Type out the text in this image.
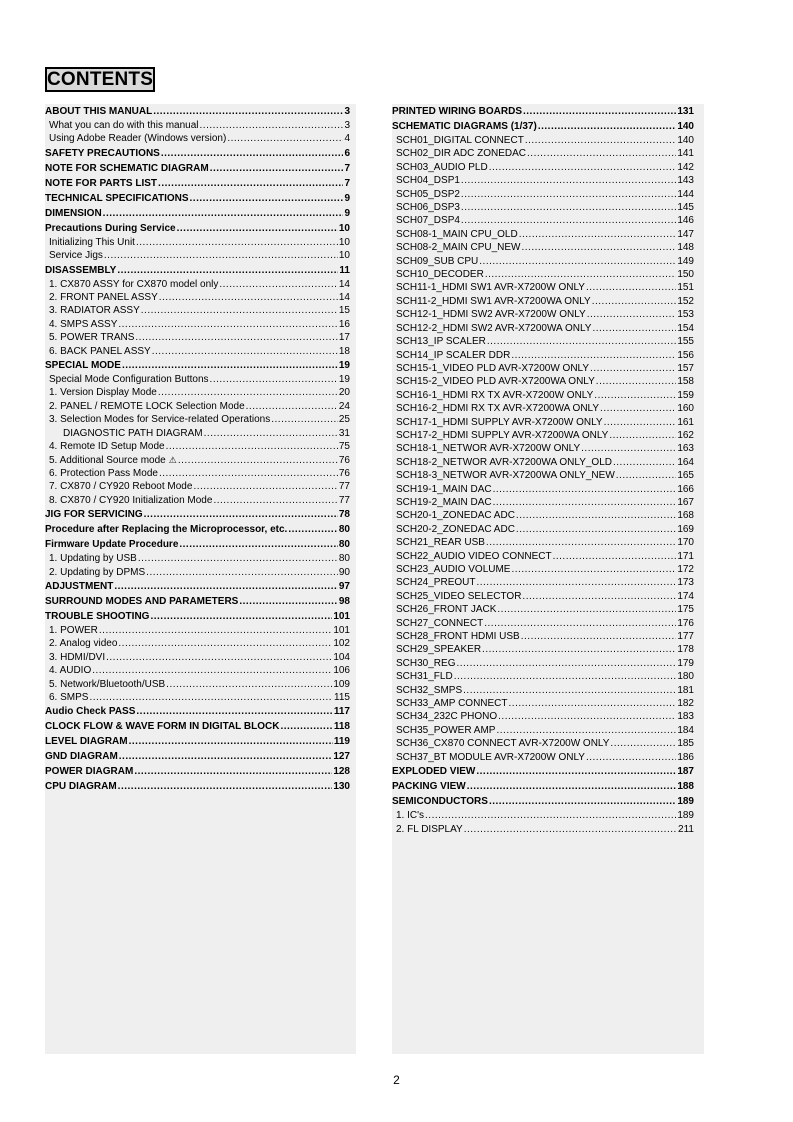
CONTENTS
ABOUT THIS MANUAL .....	3
What you can do with this manual .....	3
Using Adobe Reader (Windows version) .....	4
SAFETY PRECAUTIONS .....	6
NOTE FOR SCHEMATIC DIAGRAM .....	7
NOTE FOR PARTS LIST .....	7
TECHNICAL SPECIFICATIONS .....	9
DIMENSION .....	9
Precautions During Service .....	10
Initializing This Unit .....	10
Service Jigs .....	10
DISASSEMBLY .....	11
1. CX870 ASSY for CX870 model only .....	14
2. FRONT PANEL ASSY .....	14
3. RADIATOR ASSY .....	15
4. SMPS ASSY .....	16
5. POWER TRANS .....	17
6. BACK PANEL ASSY .....	18
SPECIAL MODE .....	19
Special Mode Configuration Buttons .....	19
1. Version Display Mode .....	20
2. PANEL / REMOTE LOCK Selection Mode .....	24
3. Selection Modes for Service-related Operations .....	25
DIAGNOSTIC PATH DIAGRAM .....	31
4. Remote ID Setup Mode .....	75
5. Additional Source mode ⚠ .....	76
6. Protection Pass Mode .....	76
7. CX870 / CY920 Reboot Mode .....	77
8. CX870 / CY920 Initialization Mode .....	77
JIG FOR SERVICING .....	78
Procedure after Replacing the Microprocessor, etc. .....	80
Firmware Update Procedure .....	80
1. Updating by USB .....	80
2. Updating by DPMS .....	90
ADJUSTMENT .....	97
SURROUND MODES AND PARAMETERS .....	98
TROUBLE SHOOTING .....	101
1. POWER .....	101
2. Analog video .....	102
3. HDMI/DVI .....	104
4. AUDIO .....	106
5. Network/Bluetooth/USB .....	109
6. SMPS .....	115
Audio Check PASS .....	117
CLOCK FLOW & WAVE FORM IN DIGITAL BLOCK .....	118
LEVEL DIAGRAM .....	119
GND DIAGRAM .....	127
POWER DIAGRAM .....	128
CPU DIAGRAM .....	130
PRINTED WIRING BOARDS .....	131
SCHEMATIC DIAGRAMS (1/37) .....	140
SCH01_DIGITAL CONNECT .....	140
SCH02_DIR ADC ZONEDAC .....	141
SCH03_AUDIO PLD .....	142
SCH04_DSP1 .....	143
SCH05_DSP2 .....	144
SCH06_DSP3 .....	145
SCH07_DSP4 .....	146
SCH08-1_MAIN CPU_OLD .....	147
SCH08-2_MAIN CPU_NEW .....	148
SCH09_SUB CPU .....	149
SCH10_DECODER .....	150
SCH11-1_HDMI SW1 AVR-X7200W ONLY .....	151
SCH11-2_HDMI SW1 AVR-X7200WA ONLY .....	152
SCH12-1_HDMI SW2 AVR-X7200W ONLY .....	153
SCH12-2_HDMI SW2 AVR-X7200WA ONLY .....	154
SCH13_IP SCALER .....	155
SCH14_IP SCALER DDR .....	156
SCH15-1_VIDEO PLD AVR-X7200W ONLY .....	157
SCH15-2_VIDEO PLD AVR-X7200WA ONLY .....	158
SCH16-1_HDMI RX TX AVR-X7200W ONLY .....	159
SCH16-2_HDMI RX TX AVR-X7200WA ONLY .....	160
SCH17-1_HDMI SUPPLY AVR-X7200W ONLY .....	161
SCH17-2_HDMI SUPPLY AVR-X7200WA ONLY .....	162
SCH18-1_NETWOR AVR-X7200W ONLY .....	163
SCH18-2_NETWOR AVR-X7200WA ONLY_OLD .....	164
SCH18-3_NETWOR AVR-X7200WA ONLY_NEW .....	165
SCH19-1_MAIN DAC .....	166
SCH19-2_MAIN DAC .....	167
SCH20-1_ZONEDAC ADC .....	168
SCH20-2_ZONEDAC ADC .....	169
SCH21_REAR USB .....	170
SCH22_AUDIO VIDEO CONNECT .....	171
SCH23_AUDIO VOLUME .....	172
SCH24_PREOUT .....	173
SCH25_VIDEO SELECTOR .....	174
SCH26_FRONT JACK .....	175
SCH27_CONNECT .....	176
SCH28_FRONT HDMI USB .....	177
SCH29_SPEAKER .....	178
SCH30_REG .....	179
SCH31_FLD .....	180
SCH32_SMPS .....	181
SCH33_AMP CONNECT .....	182
SCH34_232C PHONO .....	183
SCH35_POWER AMP .....	184
SCH36_CX870 CONNECT AVR-X7200W ONLY .....	185
SCH37_BT MODULE AVR-X7200W ONLY .....	186
EXPLODED VIEW .....	187
PACKING VIEW .....	188
SEMICONDUCTORS .....	189
1. IC's .....	189
2. FL DISPLAY .....	211
2
